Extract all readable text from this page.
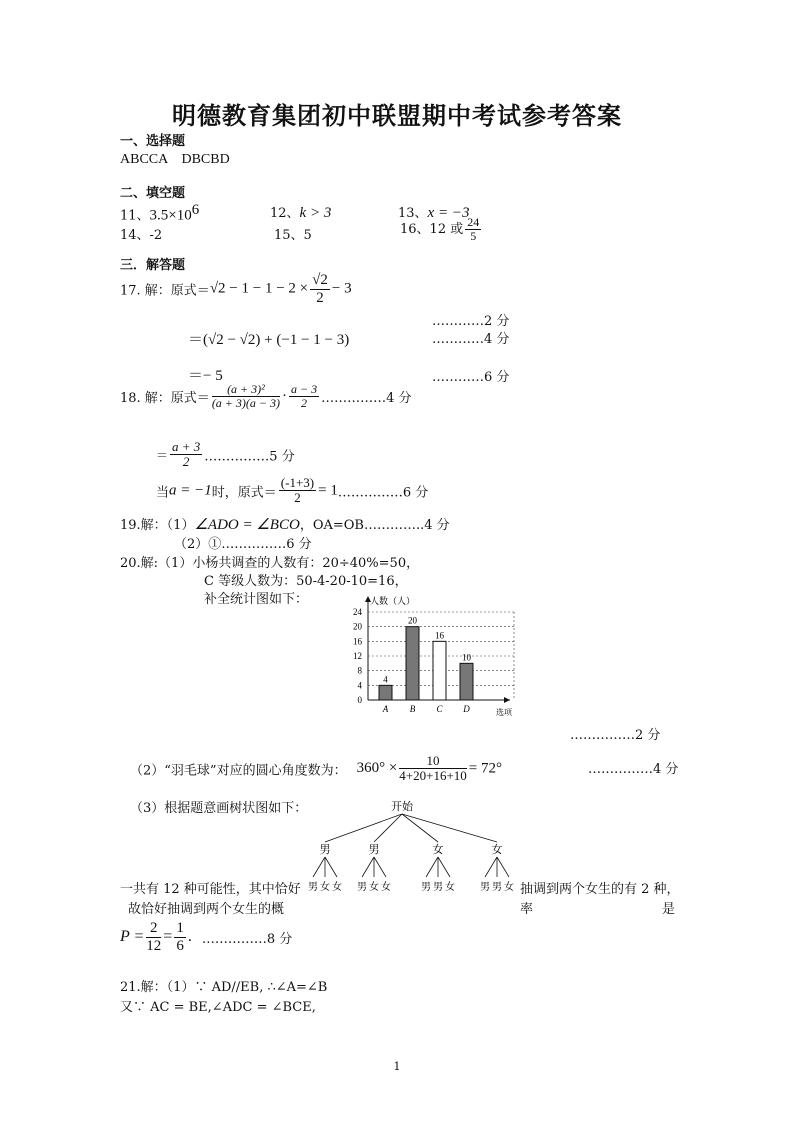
明德教育集团初中联盟期中考试参考答案
一、选择题
ABCCA　DBCBD
二、填空题
11、$3.5\times 10^6$	12、k > 3	13、x = −3
14、-2	15、5	16、12 或 $\frac{24}{5}$
三．解答题
17. 解：原式$=√2 - 1 - 1 - 2 \times \frac{√2}{2} - 3$
…………2 分
＝(√2 − √2) + (−1 − 1 − 3)	…………4 分
＝− 5	…………6 分
18. 解：原式＝ $\frac{\text{(a + 3)²}}{(a + 3)(a - 3)} \cdot \frac{a - 3}{2}$ ……………4 分
＝ $\frac{a + 3}{2}$ ……………5 分
当a = −1时，原式＝ $\frac{(-1+3)}{2}$ = 1……………6 分
19.解：（1）∠ADO = ∠BCO，OA=OB…………..4 分
（2）①……………6 分
20.解:（1）小杨共调查的人数有：20÷40%=50，
C 等级人数为：50-4-20-10=16，
补全统计图如下：	人数（人）
选项
0
4
8
12
16
20
24
4
A
20
B
16
C
10
D
……………2 分
（2）“羽毛球”对应的圆心角度数为： $360^\circ \times \frac{10}{4+20+16+10} = 72^\circ$	……………4 分
（3）根据题意画树状图如下：	开始
男
男 女 女
男
男 女 女
女
男 男 女
女
男 男 女
一共有 12 种可能性，其中恰好	抽调到两个女生的有 2 种，
故恰好抽调到两个女生的概	率	是
$P = \frac{2}{12} = \frac{1}{6}$ . ……………8 分
21.解：（1）∵ AD//EB, ∴∠A=∠B
又∵ AC = BE,∠ADC = ∠BCE,
1
